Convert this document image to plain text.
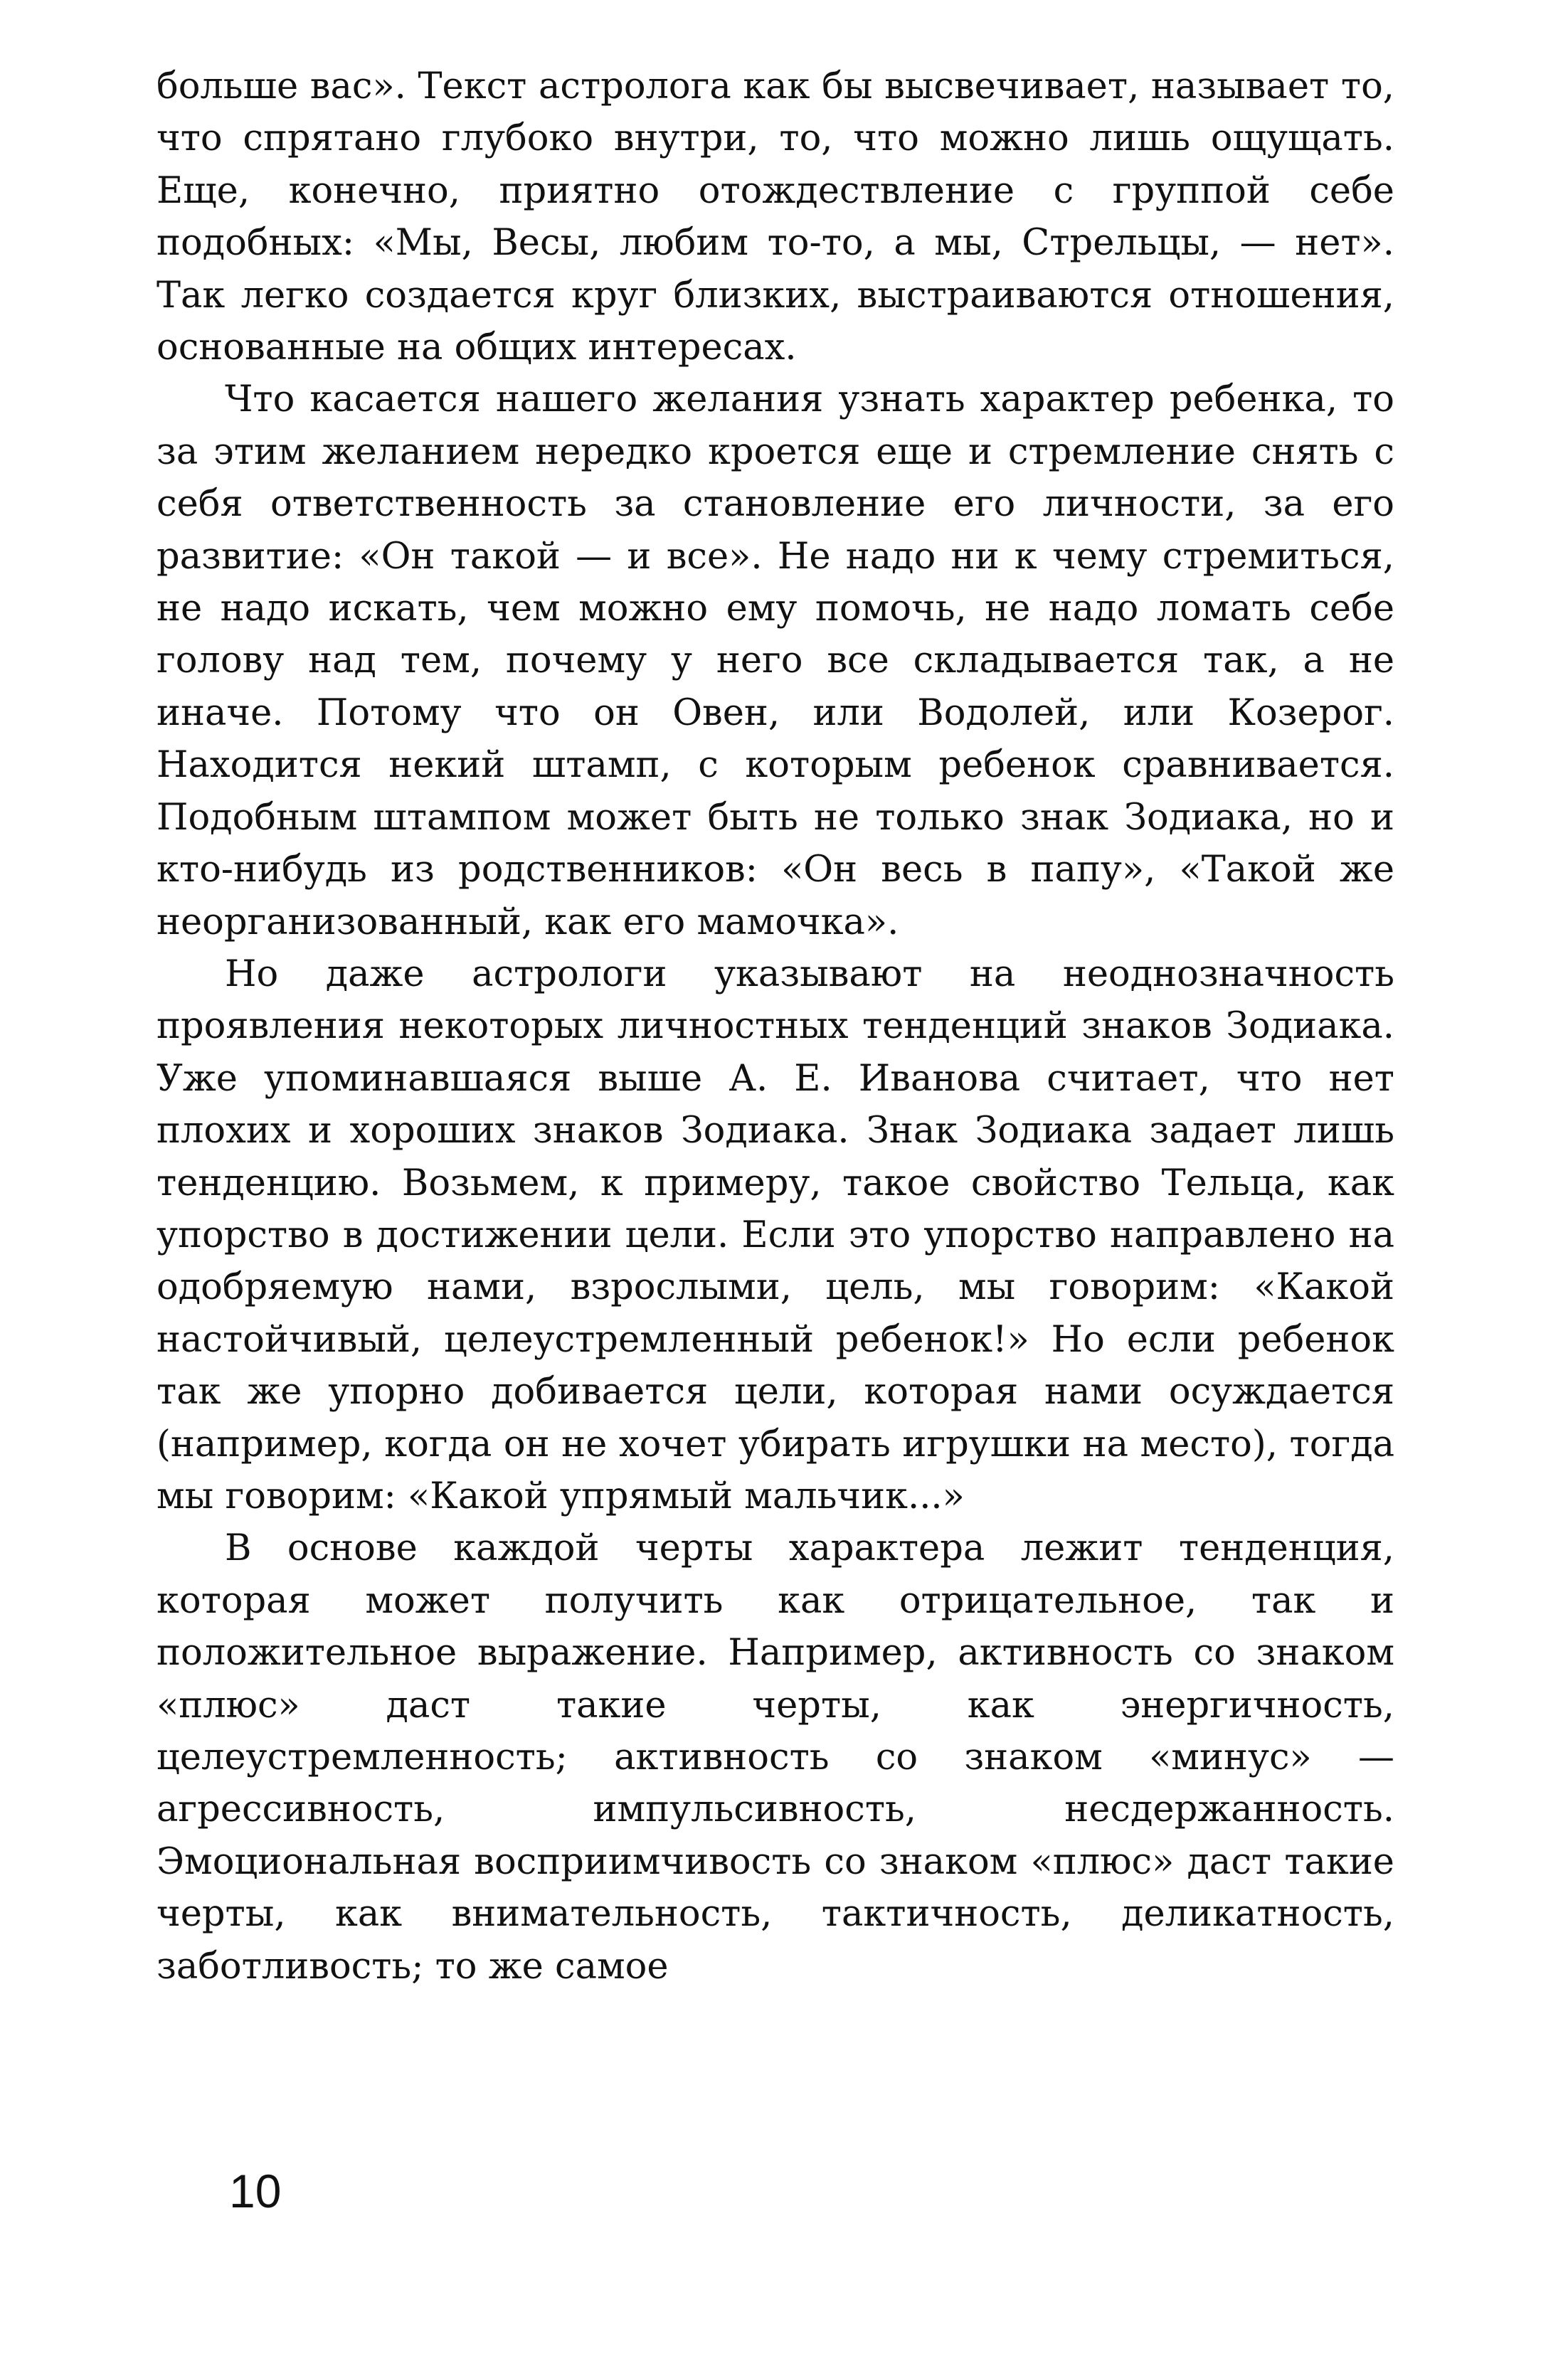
больше вас». Текст астролога как бы высвечивает, называет то, что спрятано глубоко внутри, то, что можно лишь ощущать. Еще, конечно, приятно отождествление с группой себе подобных: «Мы, Весы, любим то-то, а мы, Стрельцы, — нет». Так легко создается круг близких, выстраиваются отношения, основанные на общих интересах.

Что касается нашего желания узнать характер ребенка, то за этим желанием нередко кроется еще и стремление снять с себя ответственность за становление его личности, за его развитие: «Он такой — и все». Не надо ни к чему стремиться, не надо искать, чем можно ему помочь, не надо ломать себе голову над тем, почему у него все складывается так, а не иначе. Потому что он Овен, или Водолей, или Козерог. Находится некий штамп, с которым ребенок сравнивается. Подобным штампом может быть не только знак Зодиака, но и кто-нибудь из родственников: «Он весь в папу», «Такой же неорганизованный, как его мамочка».

Но даже астрологи указывают на неоднозначность проявления некоторых личностных тенденций знаков Зодиака. Уже упоминавшаяся выше А. Е. Иванова считает, что нет плохих и хороших знаков Зодиака. Знак Зодиака задает лишь тенденцию. Возьмем, к примеру, такое свойство Тельца, как упорство в достижении цели. Если это упорство направлено на одобряемую нами, взрослыми, цель, мы говорим: «Какой настойчивый, целеустремленный ребенок!» Но если ребенок так же упорно добивается цели, которая нами осуждается (например, когда он не хочет убирать игрушки на место), тогда мы говорим: «Какой упрямый мальчик...»

В основе каждой черты характера лежит тенденция, которая может получить как отрицательное, так и положительное выражение. Например, активность со знаком «плюс» даст такие черты, как энергичность, целеустремленность; активность со знаком «минус» — агрессивность, импульсивность, несдержанность. Эмоциональная восприимчивость со знаком «плюс» даст такие черты, как внимательность, тактичность, деликатность, заботливость; то же самое

10
